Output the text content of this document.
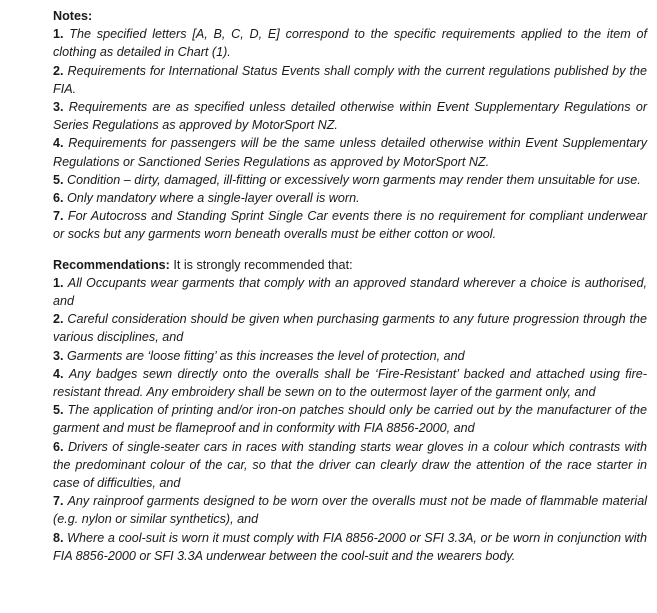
Notes:

1. The specified letters [A, B, C, D, E] correspond to the specific requirements applied to the item of clothing as detailed in Chart (1).

2. Requirements for International Status Events shall comply with the current regulations published by the FIA.

3. Requirements are as specified unless detailed otherwise within Event Supplementary Regulations or Series Regulations as approved by MotorSport NZ.

4. Requirements for passengers will be the same unless detailed otherwise within Event Supplementary Regulations or Sanctioned Series Regulations as approved by MotorSport NZ.

5. Condition – dirty, damaged, ill-fitting or excessively worn garments may render them unsuitable for use.

6. Only mandatory where a single-layer overall is worn.

7. For Autocross and Standing Sprint Single Car events there is no requirement for compliant underwear or socks but any garments worn beneath overalls must be either cotton or wool.

Recommendations: It is strongly recommended that:

1. All Occupants wear garments that comply with an approved standard wherever a choice is authorised, and

2. Careful consideration should be given when purchasing garments to any future progression through the various disciplines, and

3. Garments are ‘loose fitting’ as this increases the level of protection, and

4. Any badges sewn directly onto the overalls shall be ‘Fire-Resistant’ backed and attached using fire-resistant thread. Any embroidery shall be sewn on to the outermost layer of the garment only, and

5. The application of printing and/or iron-on patches should only be carried out by the manufacturer of the garment and must be flameproof and in conformity with FIA 8856-2000, and

6. Drivers of single-seater cars in races with standing starts wear gloves in a colour which contrasts with the predominant colour of the car, so that the driver can clearly draw the attention of the race starter in case of difficulties, and

7. Any rainproof garments designed to be worn over the overalls must not be made of flammable material (e.g. nylon or similar synthetics), and

8. Where a cool-suit is worn it must comply with FIA 8856-2000 or SFI 3.3A, or be worn in conjunction with FIA 8856-2000 or SFI 3.3A underwear between the cool-suit and the wearers body.
